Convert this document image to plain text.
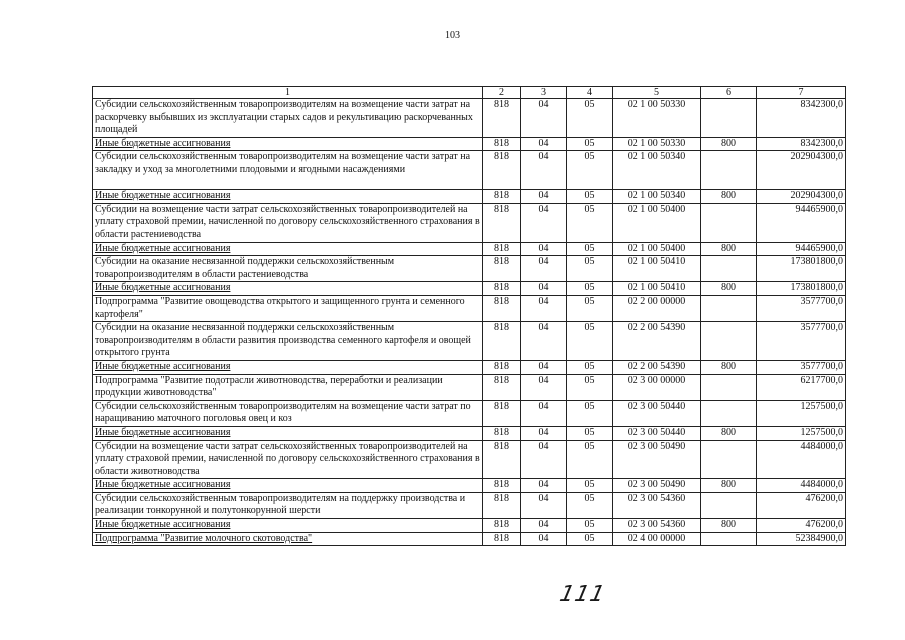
103
1	2	3	4	5	6	7
Субсидии сельскохозяйственным товаропроизводителям на возмещение части затрат на раскорчевку выбывших из эксплуатации старых садов и рекультивацию раскорчеванных площадей	818	04	05	02 1 00 50330		8342300,0
Иные бюджетные ассигнования	818	04	05	02 1 00 50330	800	8342300,0
Субсидии сельскохозяйственным товаропроизводителям на возмещение части затрат на закладку и уход за многолетними плодовыми и ягодными насаждениями	818	04	05	02 1 00 50340		202904300,0
Иные бюджетные ассигнования	818	04	05	02 1 00 50340	800	202904300,0
Субсидии на возмещение части затрат сельскохозяйственных товаропроизводителей на уплату страховой премии, начисленной по договору сельскохозяйственного страхования в области растениеводства	818	04	05	02 1 00 50400		94465900,0
Иные бюджетные ассигнования	818	04	05	02 1 00 50400	800	94465900,0
Субсидии на оказание несвязанной поддержки сельскохозяйственным товаропроизводителям в области растениеводства	818	04	05	02 1 00 50410		173801800,0
Иные бюджетные ассигнования	818	04	05	02 1 00 50410	800	173801800,0
Подпрограмма "Развитие овощеводства открытого и защищенного грунта и семенного картофеля"	818	04	05	02 2 00 00000		3577700,0
Субсидии на оказание несвязанной поддержки сельскохозяйственным товаропроизводителям в области развития производства семенного картофеля и овощей открытого грунта	818	04	05	02 2 00 54390		3577700,0
Иные бюджетные ассигнования	818	04	05	02 2 00 54390	800	3577700,0
Подпрограмма "Развитие подотрасли животноводства, переработки и реализации продукции животноводства"	818	04	05	02 3 00 00000		6217700,0
Субсидии сельскохозяйственным товаропроизводителям на возмещение части затрат по наращиванию маточного поголовья овец и коз	818	04	05	02 3 00 50440		1257500,0
Иные бюджетные ассигнования	818	04	05	02 3 00 50440	800	1257500,0
Субсидии на возмещение части затрат сельскохозяйственных товаропроизводителей на уплату страховой премии, начисленной по договору сельскохозяйственного страхования в области животноводства	818	04	05	02 3 00 50490		4484000,0
Иные бюджетные ассигнования	818	04	05	02 3 00 50490	800	4484000,0
Субсидии сельскохозяйственным товаропроизводителям на поддержку производства и реализации тонкорунной и полутонкорунной шерсти	818	04	05	02 3 00 54360		476200,0
Иные бюджетные ассигнования	818	04	05	02 3 00 54360	800	476200,0
Подпрограмма "Развитие молочного скотоводства"	818	04	05	02 4 00 00000		52384900,0
111
